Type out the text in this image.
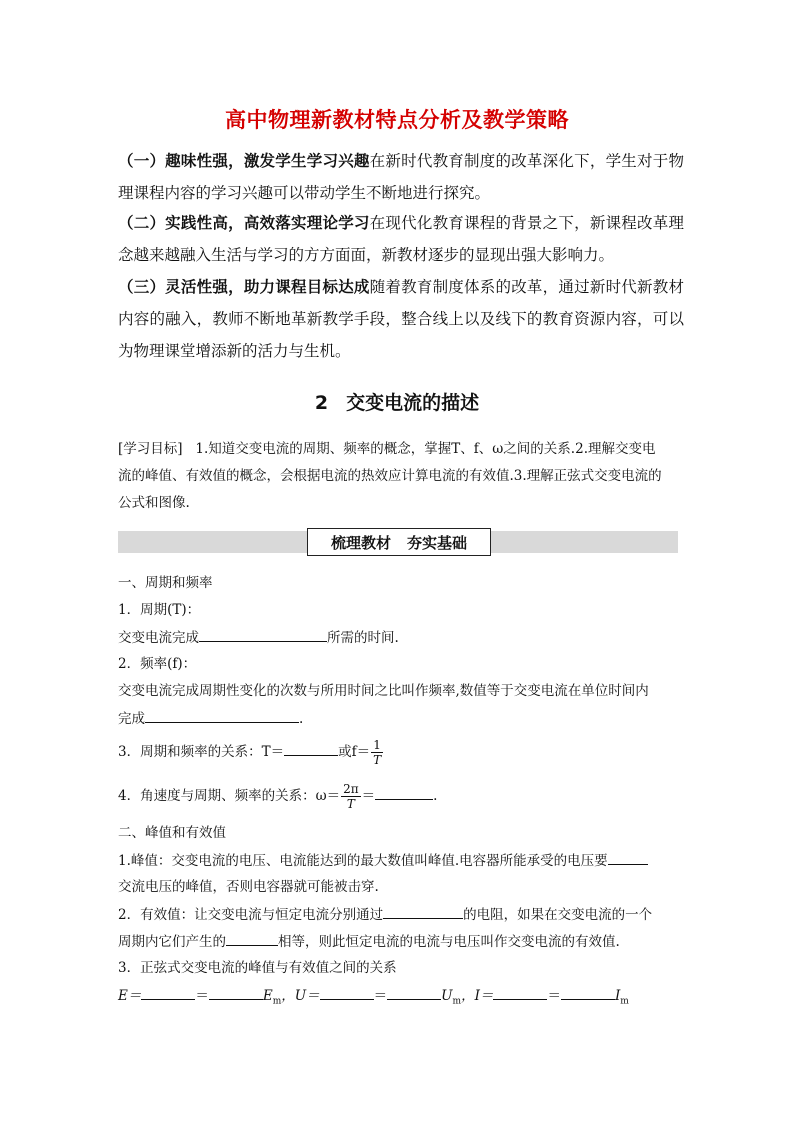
高中物理新教材特点分析及教学策略
（一）趣味性强，激发学生学习兴趣在新时代教育制度的改革深化下，学生对于物理课程内容的学习兴趣可以带动学生不断地进行探究。
（二）实践性高，高效落实理论学习在现代化教育课程的背景之下，新课程改革理念越来越融入生活与学习的方方面面，新教材逐步的显现出强大影响力。
（三）灵活性强，助力课程目标达成随着教育制度体系的改革，通过新时代新教材内容的融入，教师不断地革新教学手段，整合线上以及线下的教育资源内容，可以为物理课堂增添新的活力与生机。
2 交变电流的描述
[学习目标] 1.知道交变电流的周期、频率的概念，掌握T、f、ω之间的关系.2.理解交变电
流的峰值、有效值的概念，会根据电流的热效应计算电流的有效值.3.理解正弦式交变电流的
公式和图像.
梳理教材 夯实基础
一、周期和频率
1．周期(T)：
交变电流完成	所需的时间.
2．频率(f)：
交变电流完成周期性变化的次数与所用时间之比叫作频率,数值等于交变电流在单位时间内
完成	.
3．周期和频率的关系：T＝	或$f= \frac{1}{T}$
4．角速度与周期、频率的关系：$\omega= \frac{2\pi}{T}$ ＝	.
二、峰值和有效值
1.峰值：交变电流的电压、电流能达到的最大数值叫峰值.电容器所能承受的电压要
交流电压的峰值，否则电容器就可能被击穿.
2．有效值：让交变电流与恒定电流分别通过	的电阻，如果在交变电流的一个
周期内它们产生的	相等，则此恒定电流的电流与电压叫作交变电流的有效值.
3．正弦式交变电流的峰值与有效值之间的关系
E＝	＝	$E_m$，U＝	＝	$U_m$，I＝	＝	$I_m$
